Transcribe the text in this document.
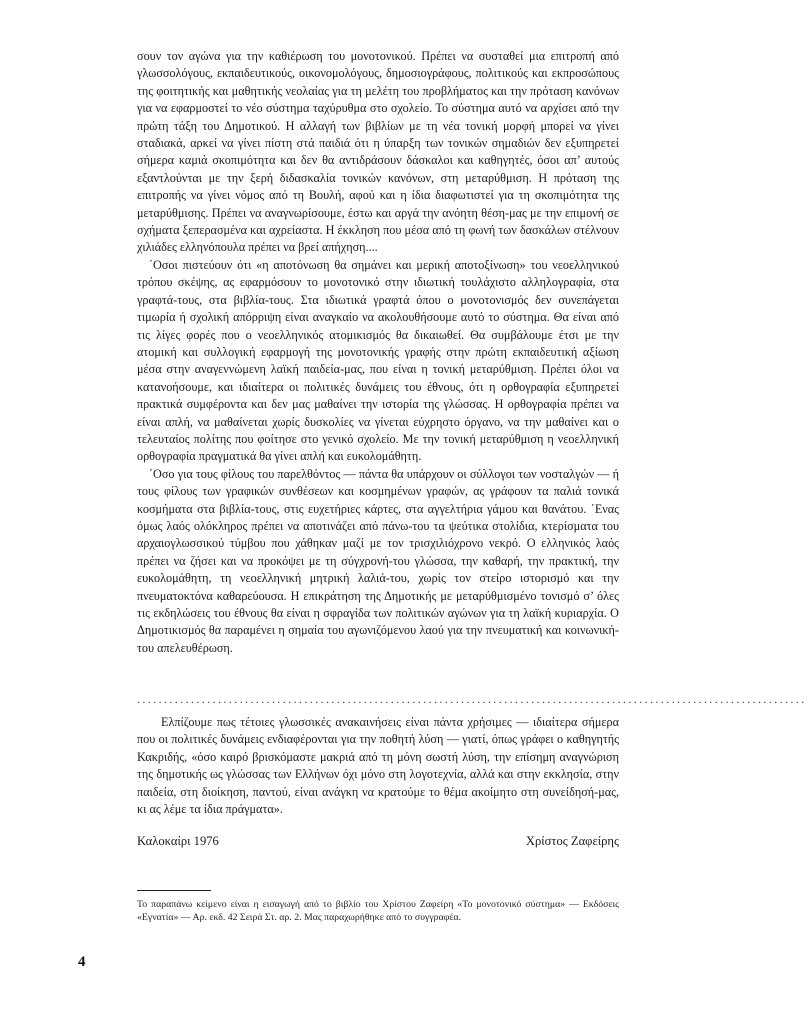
σουν τον αγώνα για την καθιέρωση του μονοτονικού. Πρέπει να συσταθεί μια επιτροπή από γλωσσολόγους, εκπαιδευτικούς, οικονομολόγους, δημοσιογράφους, πολιτικούς και εκπροσώπους της φοιτητικής και μαθητικής νεολαίας για τη μελέτη του προβλήματος και την πρόταση κανόνων για να εφαρμοστεί το νέο σύστημα ταχύρυθμα στο σχολείο. Το σύστημα αυτό να αρχίσει από την πρώτη τάξη του Δημοτικού. Η αλλαγή των βιβλίων με τη νέα τονική μορφή μπορεί να γίνει σταδιακά, αρκεί να γίνει πίστη στά παιδιά ότι η ύπαρξη των τονικών σημαδιών δεν εξυπηρετεί σήμερα καμιά σκοπιμότητα και δεν θα αντιδράσουν δάσκαλοι και καθηγητές, όσοι απ’ αυτούς εξαντλούνται με την ξερή διδασκαλία τονικών κανόνων, στη μεταρύθμιση. Η πρόταση της επιτροπής να γίνει νόμος από τη Βουλή, αφού και η ίδια διαφωτιστεί για τη σκοπιμότητα της μεταρύθμισης. Πρέπει να αναγνωρίσουμε, έστω και αργά την ανόητη θέση-μας με την επιμονή σε σχήματα ξεπερασμένα και αχρείαστα. Η έκκληση που μέσα από τη φωνή των δασκάλων στέλνουν χιλιάδες ελληνόπουλα πρέπει να βρεί απήχηση....

΄Οσοι πιστεύουν ότι «η αποτόνωση θα σημάνει και μερική αποτοξίνωση» του νεοελληνικού τρόπου σκέψης, ας εφαρμόσουν το μονοτονικό στην ιδιωτική τουλάχιστο αλληλογραφία, στα γραφτά-τους, στα βιβλία-τους. Στα ιδιωτικά γραφτά όπου ο μονοτονισμός δεν συνεπάγεται τιμωρία ή σχολική απόρριψη είναι αναγκαίο να ακολουθήσουμε αυτό το σύστημα. Θα είναι από τις λίγες φορές που ο νεοελληνικός ατομικισμός θα δικαιωθεί. Θα συμβάλουμε έτσι με την ατομική και συλλογική εφαρμογή της μονοτονικής γραφής στην πρώτη εκπαιδευτική αξίωση μέσα στην αναγεννώμενη λαϊκή παιδεία-μας, που είναι η τονική μεταρύθμιση. Πρέπει όλοι να κατανοήσουμε, και ιδιαίτερα οι πολιτικές δυνάμεις του έθνους, ότι η ορθογραφία εξυπηρετεί πρακτικά συμφέροντα και δεν μας μαθαίνει την ιστορία της γλώσσας. Η ορθογραφία πρέπει να είναι απλή, να μαθαίνεται χωρίς δυσκολίες να γίνεται εύχρηστο όργανο, να την μαθαίνει και ο τελευταίος πολίτης που φοίτησε στο γενικό σχολείο. Με την τονική μεταρύθμιση η νεοελληνική ορθογραφία πραγματικά θα γίνει απλή και ευκολομάθητη.

΄Οσο για τους φίλους του παρελθόντος — πάντα θα υπάρχουν οι σύλλογοι των νοσταλγών — ή τους φίλους των γραφικών συνθέσεων και κοσμημένων γραφών, ας γράφουν τα παλιά τονικά κοσμήματα στα βιβλία-τους, στις ευχετήριες κάρτες, στα αγγελτήρια γάμου και θανάτου. ΄Ενας όμως λαός ολόκληρος πρέπει να αποτινάζει από πάνω-του τα ψεύτικα στολίδια, κτερίσματα του αρχαιογλωσσικού τύμβου που χάθηκαν μαζί με τον τρισχιλιόχρονο νεκρό. Ο ελληνικός λαός πρέπει να ζήσει και να προκόψει με τη σύγχρονή-του γλώσσα, την καθαρή, την πρακτική, την ευκολομάθητη, τη νεοελληνική μητρική λαλιά-του, χωρίς τον στείρο ιστορισμό και την πνευματοκτόνα καθαρεύουσα. Η επικράτηση της Δημοτικής με μεταρύθμισμένο τονισμό σ’ όλες τις εκδηλώσεις του έθνους θα είναι η σφραγίδα των πολιτικών αγώνων για τη λαϊκή κυριαρχία. Ο Δημοτικισμός θα παραμένει η σημαία του αγωνιζόμενου λαού για την πνευματική και κοινωνική-του απελευθέρωση.

............................................................................................................................

Ελπίζουμε πως τέτοιες γλωσσικές ανακαινήσεις είναι πάντα χρήσιμες — ιδιαίτερα σήμερα που οι πολιτικές δυνάμεις ενδιαφέρονται για την ποθητή λύση — γιατί, όπως γράφει ο καθηγητής Κακριδής, «όσο καιρό βρισκόμαστε μακριά από τη μόνη σωστή λύση, την επίσημη αναγνώριση της δημοτικής ως γλώσσας των Ελλήνων όχι μόνο στη λογοτεχνία, αλλά και στην εκκλησία, στην παιδεία, στη διοίκηση, παντού, είναι ανάγκη να κρατούμε το θέμα ακοίμητο στη συνείδησή-μας, κι ας λέμε τα ίδια πράγματα».

Καλοκαίρι 1976	Χρίστος Ζαφείρης
Το παραπάνω κείμενο είναι η εισαγωγή από το βιβλίο του Χρίστου Ζαφείρη «Το μονοτονικό σύστημα» — Εκδόσεις «Εγνατία» — Αρ. εκδ. 42 Σειρά Στ. αρ. 2. Μας παραχωρήθηκε από το συγγραφέα.
4
